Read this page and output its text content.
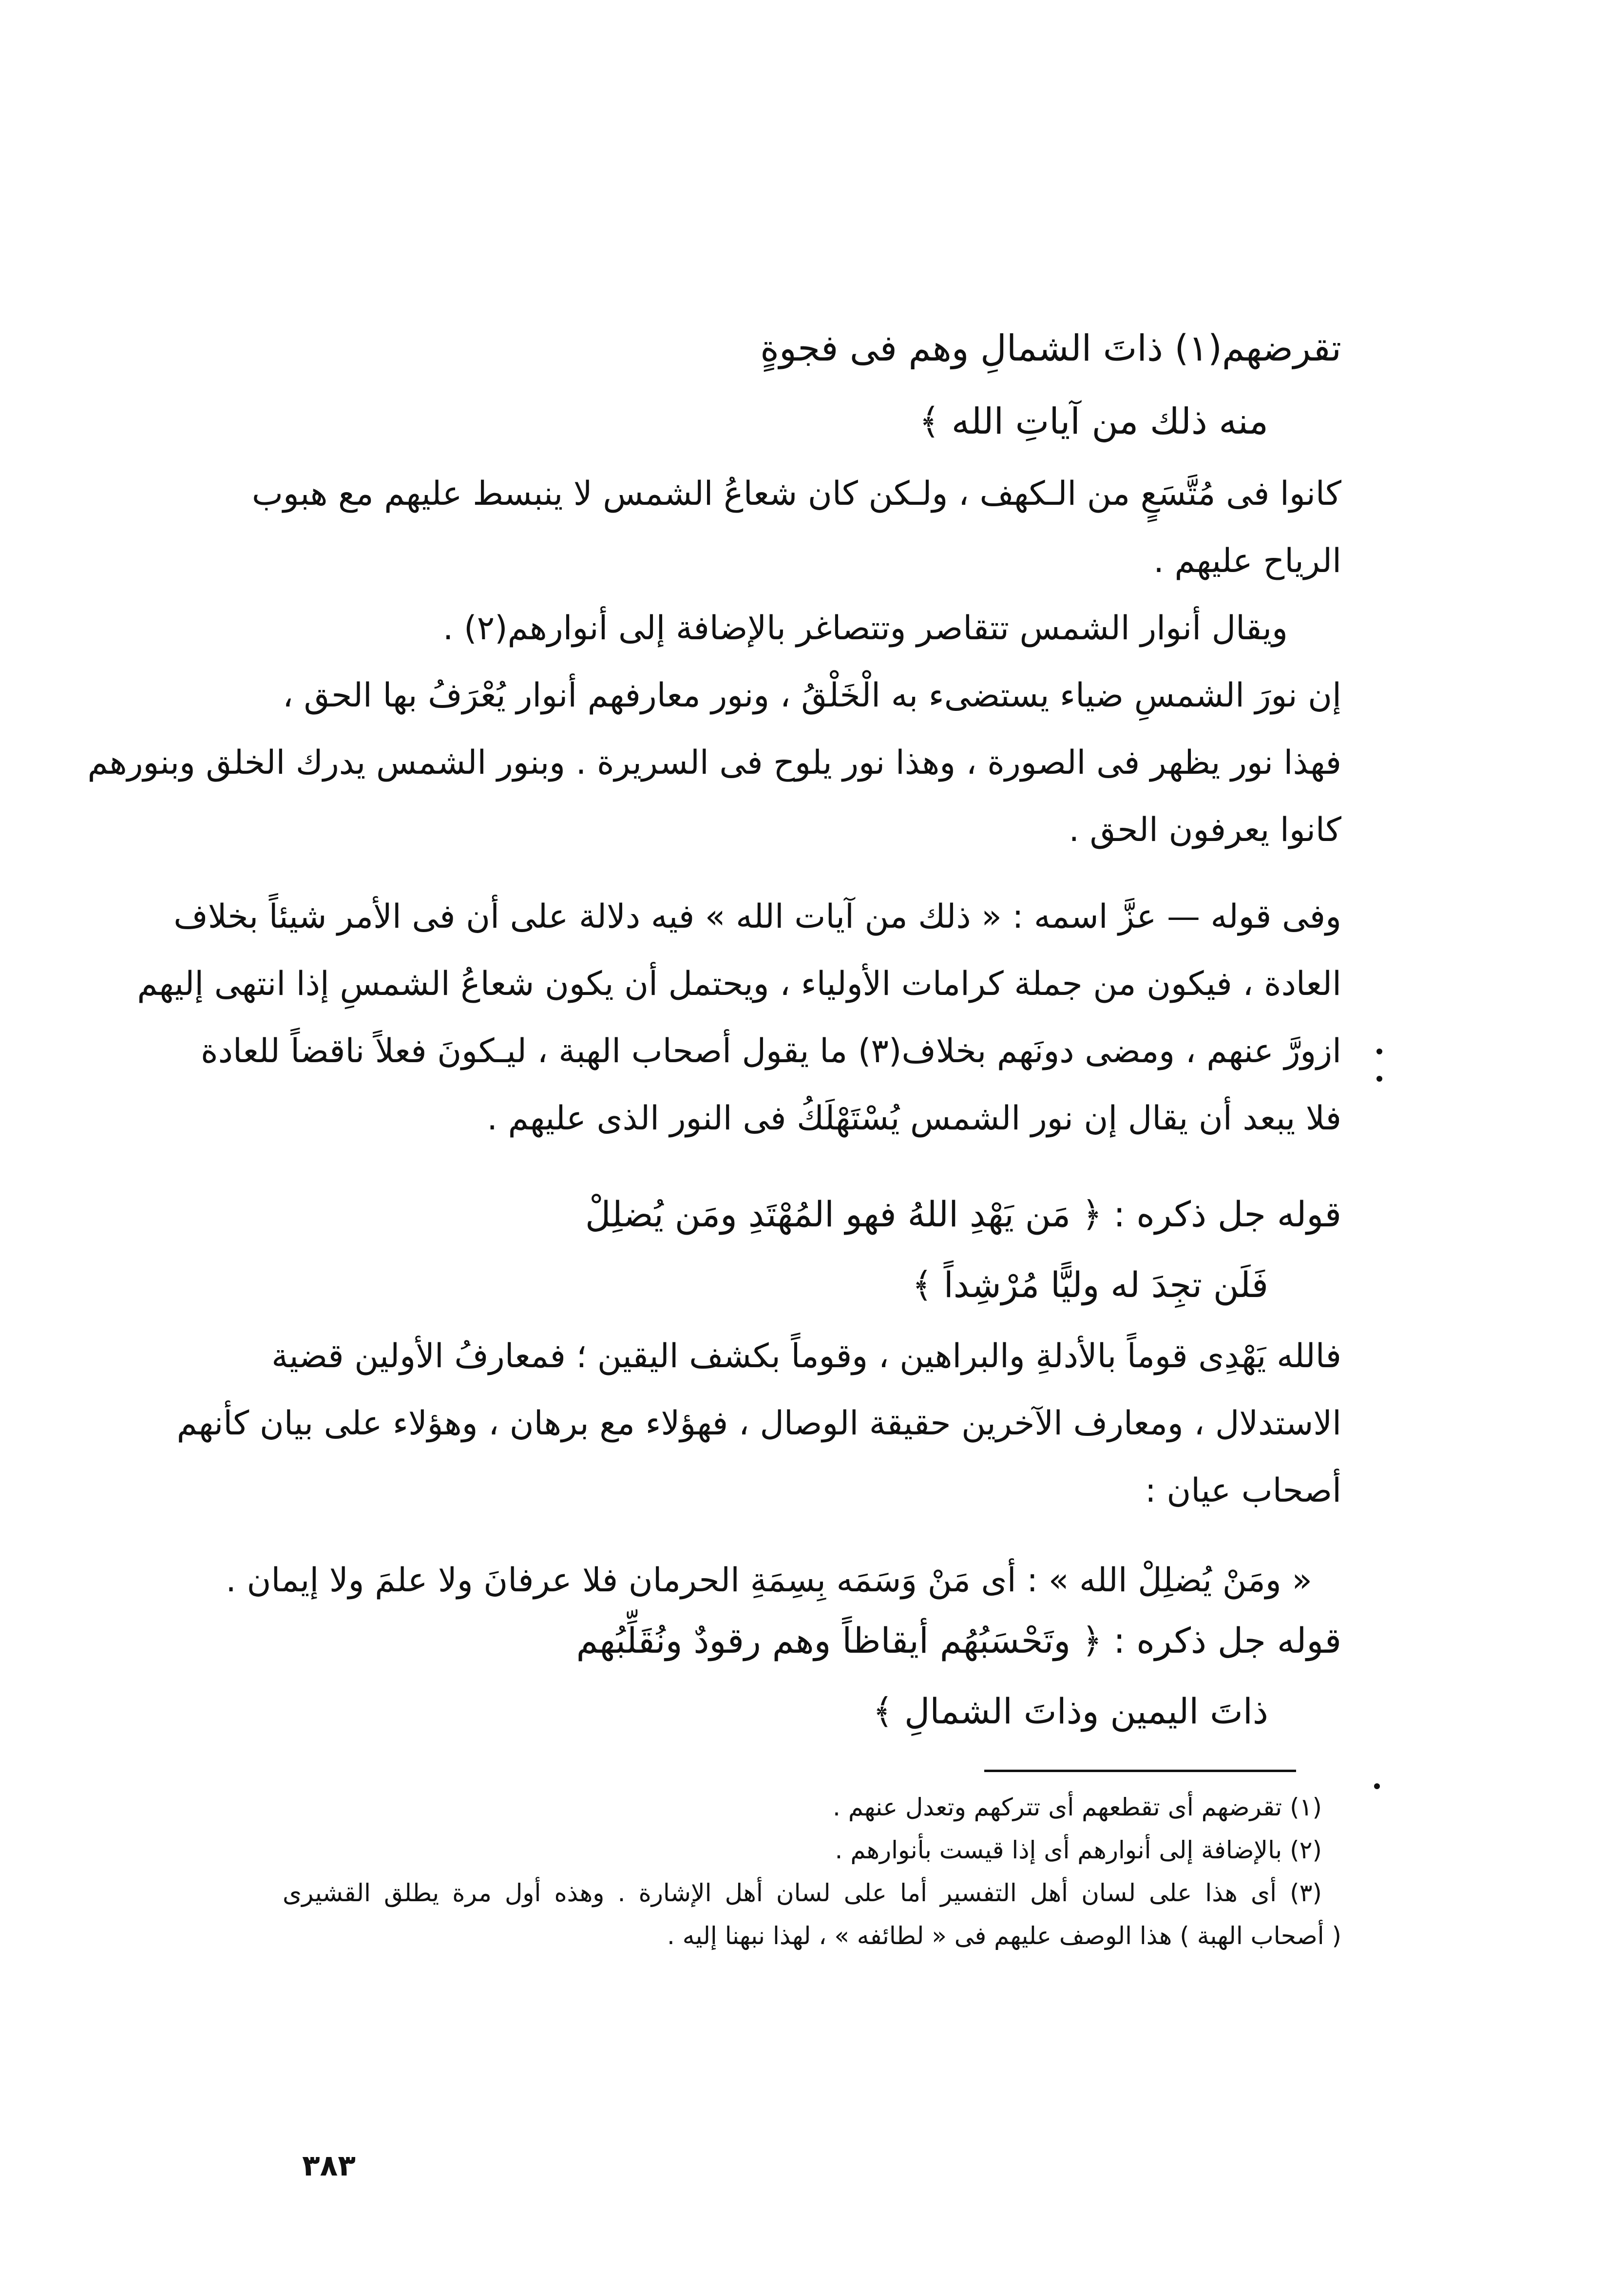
تقرضهم(١) ذاتَ الشمالِ وهم فى فجوةٍ
منه ذلك من آياتِ الله ﴾
كانوا فى مُتَّسَعٍ من الـكهف ، ولـكن كان شعاعُ الشمس لا ينبسط عليهم مع هبوب
الرياح عليهم .
ويقال أنوار الشمس تتقاصر وتتصاغر بالإضافة إلى أنوارهم(٢) .
إن نورَ الشمسِ ضياء يستضىء به الْخَلْقُ ، ونور معارفهم أنوار يُعْرَفُ بها الحق ،
فهذا نور يظهر فى الصورة ، وهذا نور يلوح فى السريرة . وبنور الشمس يدرك الخلق وبنورهم
كانوا يعرفون الحق .
وفى قوله — عزَّ اسمه : « ذلك من آيات الله » فيه دلالة على أن فى الأمر شيئاً بخلاف
العادة ، فيكون من جملة كرامات الأولياء ، ويحتمل أن يكون شعاعُ الشمسِ إذا انتهى إليهم
ازورَّ عنهم ، ومضى دونَهم بخلاف(٣) ما يقول أصحاب الهبة ، ليـكونَ فعلاً ناقضاً للعادة
فلا يبعد أن يقال إن نور الشمس يُسْتَهْلَكُ فى النور الذى عليهم .
قوله جل ذكره : ﴿ مَن يَهْدِ اللهُ فهو المُهْتَدِ ومَن يُضلِلْ
فَلَن تجِدَ له وليًّا مُرْشِداً ﴾
فالله يَهْدِى قوماً بالأدلةِ والبراهين ، وقوماً بكشف اليقين ؛ فمعارفُ الأولين قضية
الاستدلال ، ومعارف الآخرين حقيقة الوصال ، فهؤلاء مع برهان ، وهؤلاء على بيان كأنهم
أصحاب عيان :
« ومَنْ يُضلِلْ الله » : أى مَنْ وَسَمَه بِسِمَةِ الحرمان فلا عرفانَ ولا علمَ ولا إيمان .
قوله جل ذكره : ﴿ وتَحْسَبُهُم أيقاظاً وهم رقودٌ ونُقَلِّبُهم
ذاتَ اليمين وذاتَ الشمالِ ﴾
(١) تقرضهم أى تقطعهم أى تتركهم وتعدل عنهم .
(٢) بالإضافة إلى أنوارهم أى إذا قيست بأنوارهم .
(٣) أى هذا على لسان أهل التفسير أما على لسان أهل الإشارة . وهذه أول مرة يطلق القشيرى
( أصحاب الهبة ) هذا الوصف عليهم فى « لطائفه » ، لهذا نبهنا إليه .
٣٨٣
